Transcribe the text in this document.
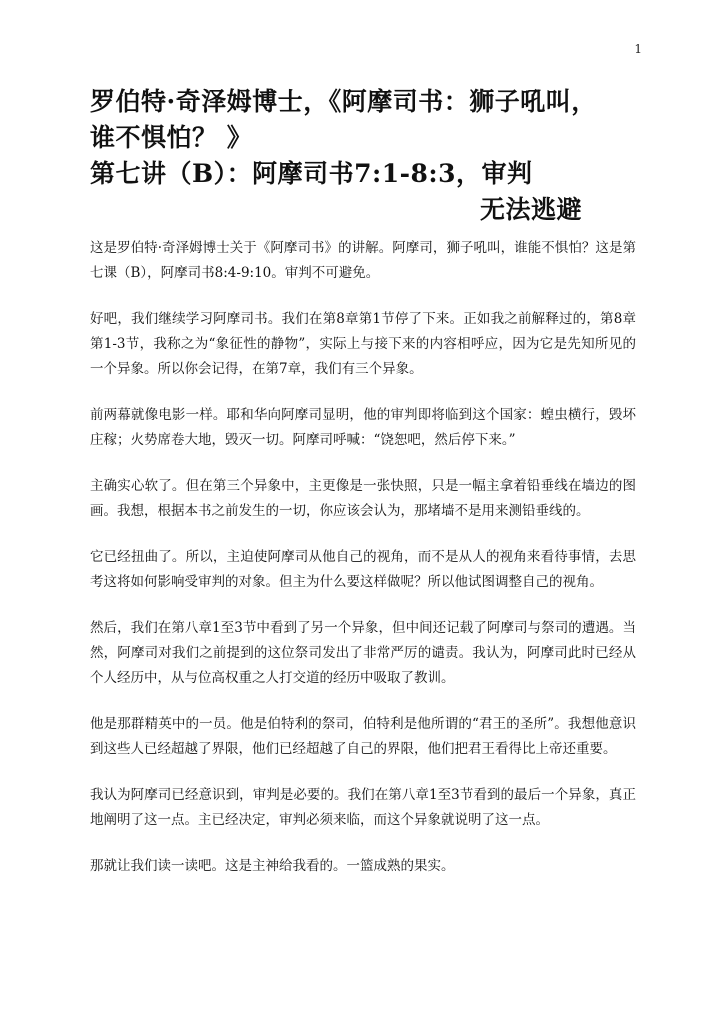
1
罗伯特·奇泽姆博士，《阿摩司书：狮子吼叫，
谁不惧怕？ 》
第七讲（B）：阿摩司书7:1-8:3，审判
无法逃避

这是罗伯特·奇泽姆博士关于《阿摩司书》的讲解。阿摩司，狮子吼叫，谁能不惧怕？这是第七课（B），阿摩司书8:4-9:10。审判不可避免。

好吧，我们继续学习阿摩司书。我们在第8章第1节停了下来。正如我之前解释过的，第8章第1-3节，我称之为“象征性的静物”，实际上与接下来的内容相呼应，因为它是先知所见的一个异象。所以你会记得，在第7章，我们有三个异象。

前两幕就像电影一样。耶和华向阿摩司显明，他的审判即将临到这个国家：蝗虫横行，毁坏庄稼；火势席卷大地，毁灭一切。阿摩司呼喊：“饶恕吧，然后停下来。”

主确实心软了。但在第三个异象中，主更像是一张快照，只是一幅主拿着铅垂线在墙边的图画。我想，根据本书之前发生的一切，你应该会认为，那堵墙不是用来测铅垂线的。

它已经扭曲了。所以，主迫使阿摩司从他自己的视角，而不是从人的视角来看待事情，去思考这将如何影响受审判的对象。但主为什么要这样做呢？所以他试图调整自己的视角。

然后，我们在第八章1至3节中看到了另一个异象，但中间还记载了阿摩司与祭司的遭遇。当然，阿摩司对我们之前提到的这位祭司发出了非常严厉的谴责。我认为，阿摩司此时已经从个人经历中，从与位高权重之人打交道的经历中吸取了教训。

他是那群精英中的一员。他是伯特利的祭司，伯特利是他所谓的“君王的圣所”。我想他意识到这些人已经超越了界限，他们已经超越了自己的界限，他们把君王看得比上帝还重要。

我认为阿摩司已经意识到，审判是必要的。我们在第八章1至3节看到的最后一个异象，真正地阐明了这一点。主已经决定，审判必须来临，而这个异象就说明了这一点。

那就让我们读一读吧。这是主神给我看的。一篮成熟的果实。
